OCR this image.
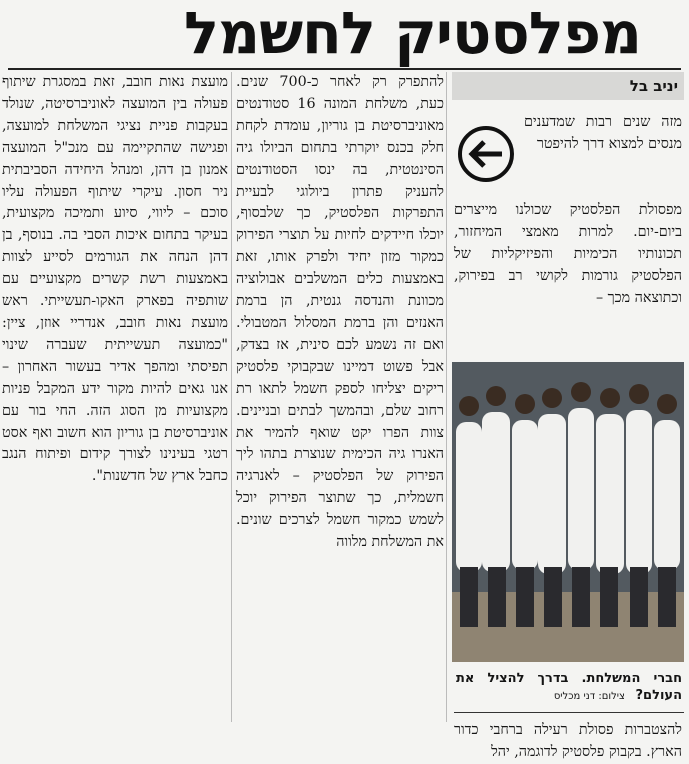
מפלסטיק לחשמל
יניב בל

מזה שנים רבות שמדענים מנסים למצוא דרך להיפטר

מפסולת הפלסטיק שכולנו מייצרים ביום-יום. למרות מאמצי המיחזור, תכונותיו הכימיות והפיזיקליות של הפלסטיק גורמות לקושי רב בפירוק, וכתוצאה מכך –

חברי המשלחת. בדרך להציל את העולם? צילום: דני מכליס

להצטברות פסולת רעילה ברחבי כדור הארץ. בקבוק פלסטיק לדוגמה, יהל

להתפרק רק לאחר כ-700 שנים. כעת, משלחת המונה 16 סטודנטים מאוניברסיטת בן גוריון, עומדת לקחת חלק בכנס יוקרתי בתחום הביולו גיה הסינטטית, בה ינסו הסטודנטים להעניק פתרון ביולוגי לבעיית התפרקות הפלסטיק, כך שלבסוף, יוכלו חיידקים לחיות על תוצרי הפירוק כמקור מזון יחיד ולפרק אותו, זאת באמצעות כלים המשלבים אבולוציה מכוונת והנדסה גנטית, הן ברמת האנזים והן ברמת המסלול המטבולי. ואם זה נשמע לכם סינית, אז בצדק, אבל פשוט דמיינו שבקבוקי פלסטיק ריקים יצליחו לספק חשמל לתאו רת רחוב שלם, ובהמשך לבתים ובניינים. צוות הפרו יקט שואף להמיר את האנרו גיה הכימית שנוצרת בתהו ליך הפירוק של הפלסטיק – לאנרגיה חשמלית, כך שתוצר הפירוק יוכל לשמש כמקור חשמל לצרכים שונים. את המשלחת מלווה

מועצת נאות חובב, זאת במסגרת שיתוף פעולה בין המועצה לאוניברסיטה, שנולד בעקבות פניית נציגי המשלחת למועצה, ופגישה שהתקיימה עם מנכ"ל המועצה אמנון בן דהן, ומנהל היחידה הסביבתית ניר חסון. עיקרי שיתוף הפעולה עליו סוכם – ליווי, סיוע ותמיכה מקצועית, בעיקר בתחום איכות הסבי בה. בנוסף, בן דהן הנחה את הגורמים לסייע לצוות באמצעות רשת קשרים מקצועיים עם שותפיה בפארק האקו-תעשייתי. ראש מועצת נאות חובב, אנדריי אוזן, ציין: "כמועצה תעשייתית שעברה שינוי תפיסתי ומהפך אדיר בעשור האחרון – אנו גאים להיות מקור ידע המקבל פניות מקצועיות מן הסוג הזה. החי בור עם אוניברסיטת בן גוריון הוא חשוב ואף אסט רטגי בעינינו לצורך קידום ופיתוח הנגב כחבל ארץ של חדשנות".
